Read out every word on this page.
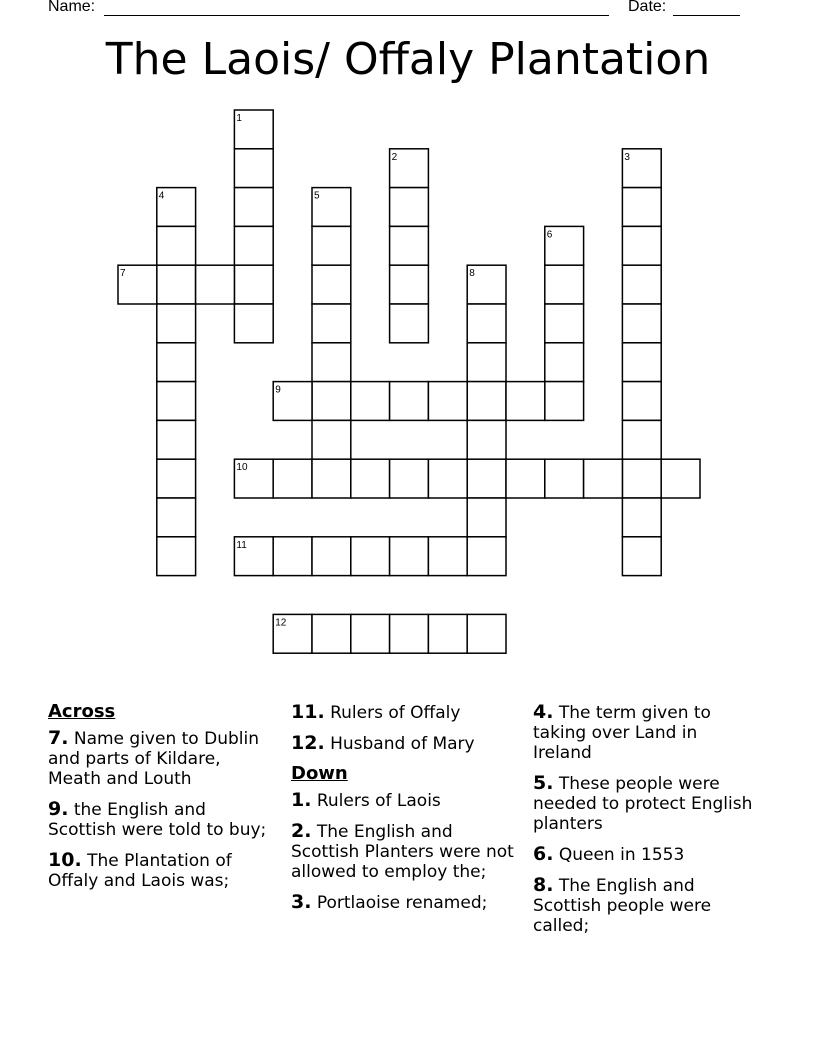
Name:	Date:
The Laois/ Offaly Plantation
1
2	3
4	5
6
7	8
9
10
11
12
Across
7. Name given to Dublin and parts of Kildare, Meath and Louth
9. the English and Scottish were told to buy;
10. The Plantation of Offaly and Laois was;
11. Rulers of Offaly
12. Husband of Mary
Down
1. Rulers of Laois
2. The English and Scottish Planters were not allowed to employ the;
3. Portlaoise renamed;
4. The term given to taking over Land in Ireland
5. These people were needed to protect English planters
6. Queen in 1553
8. The English and Scottish people were called;
